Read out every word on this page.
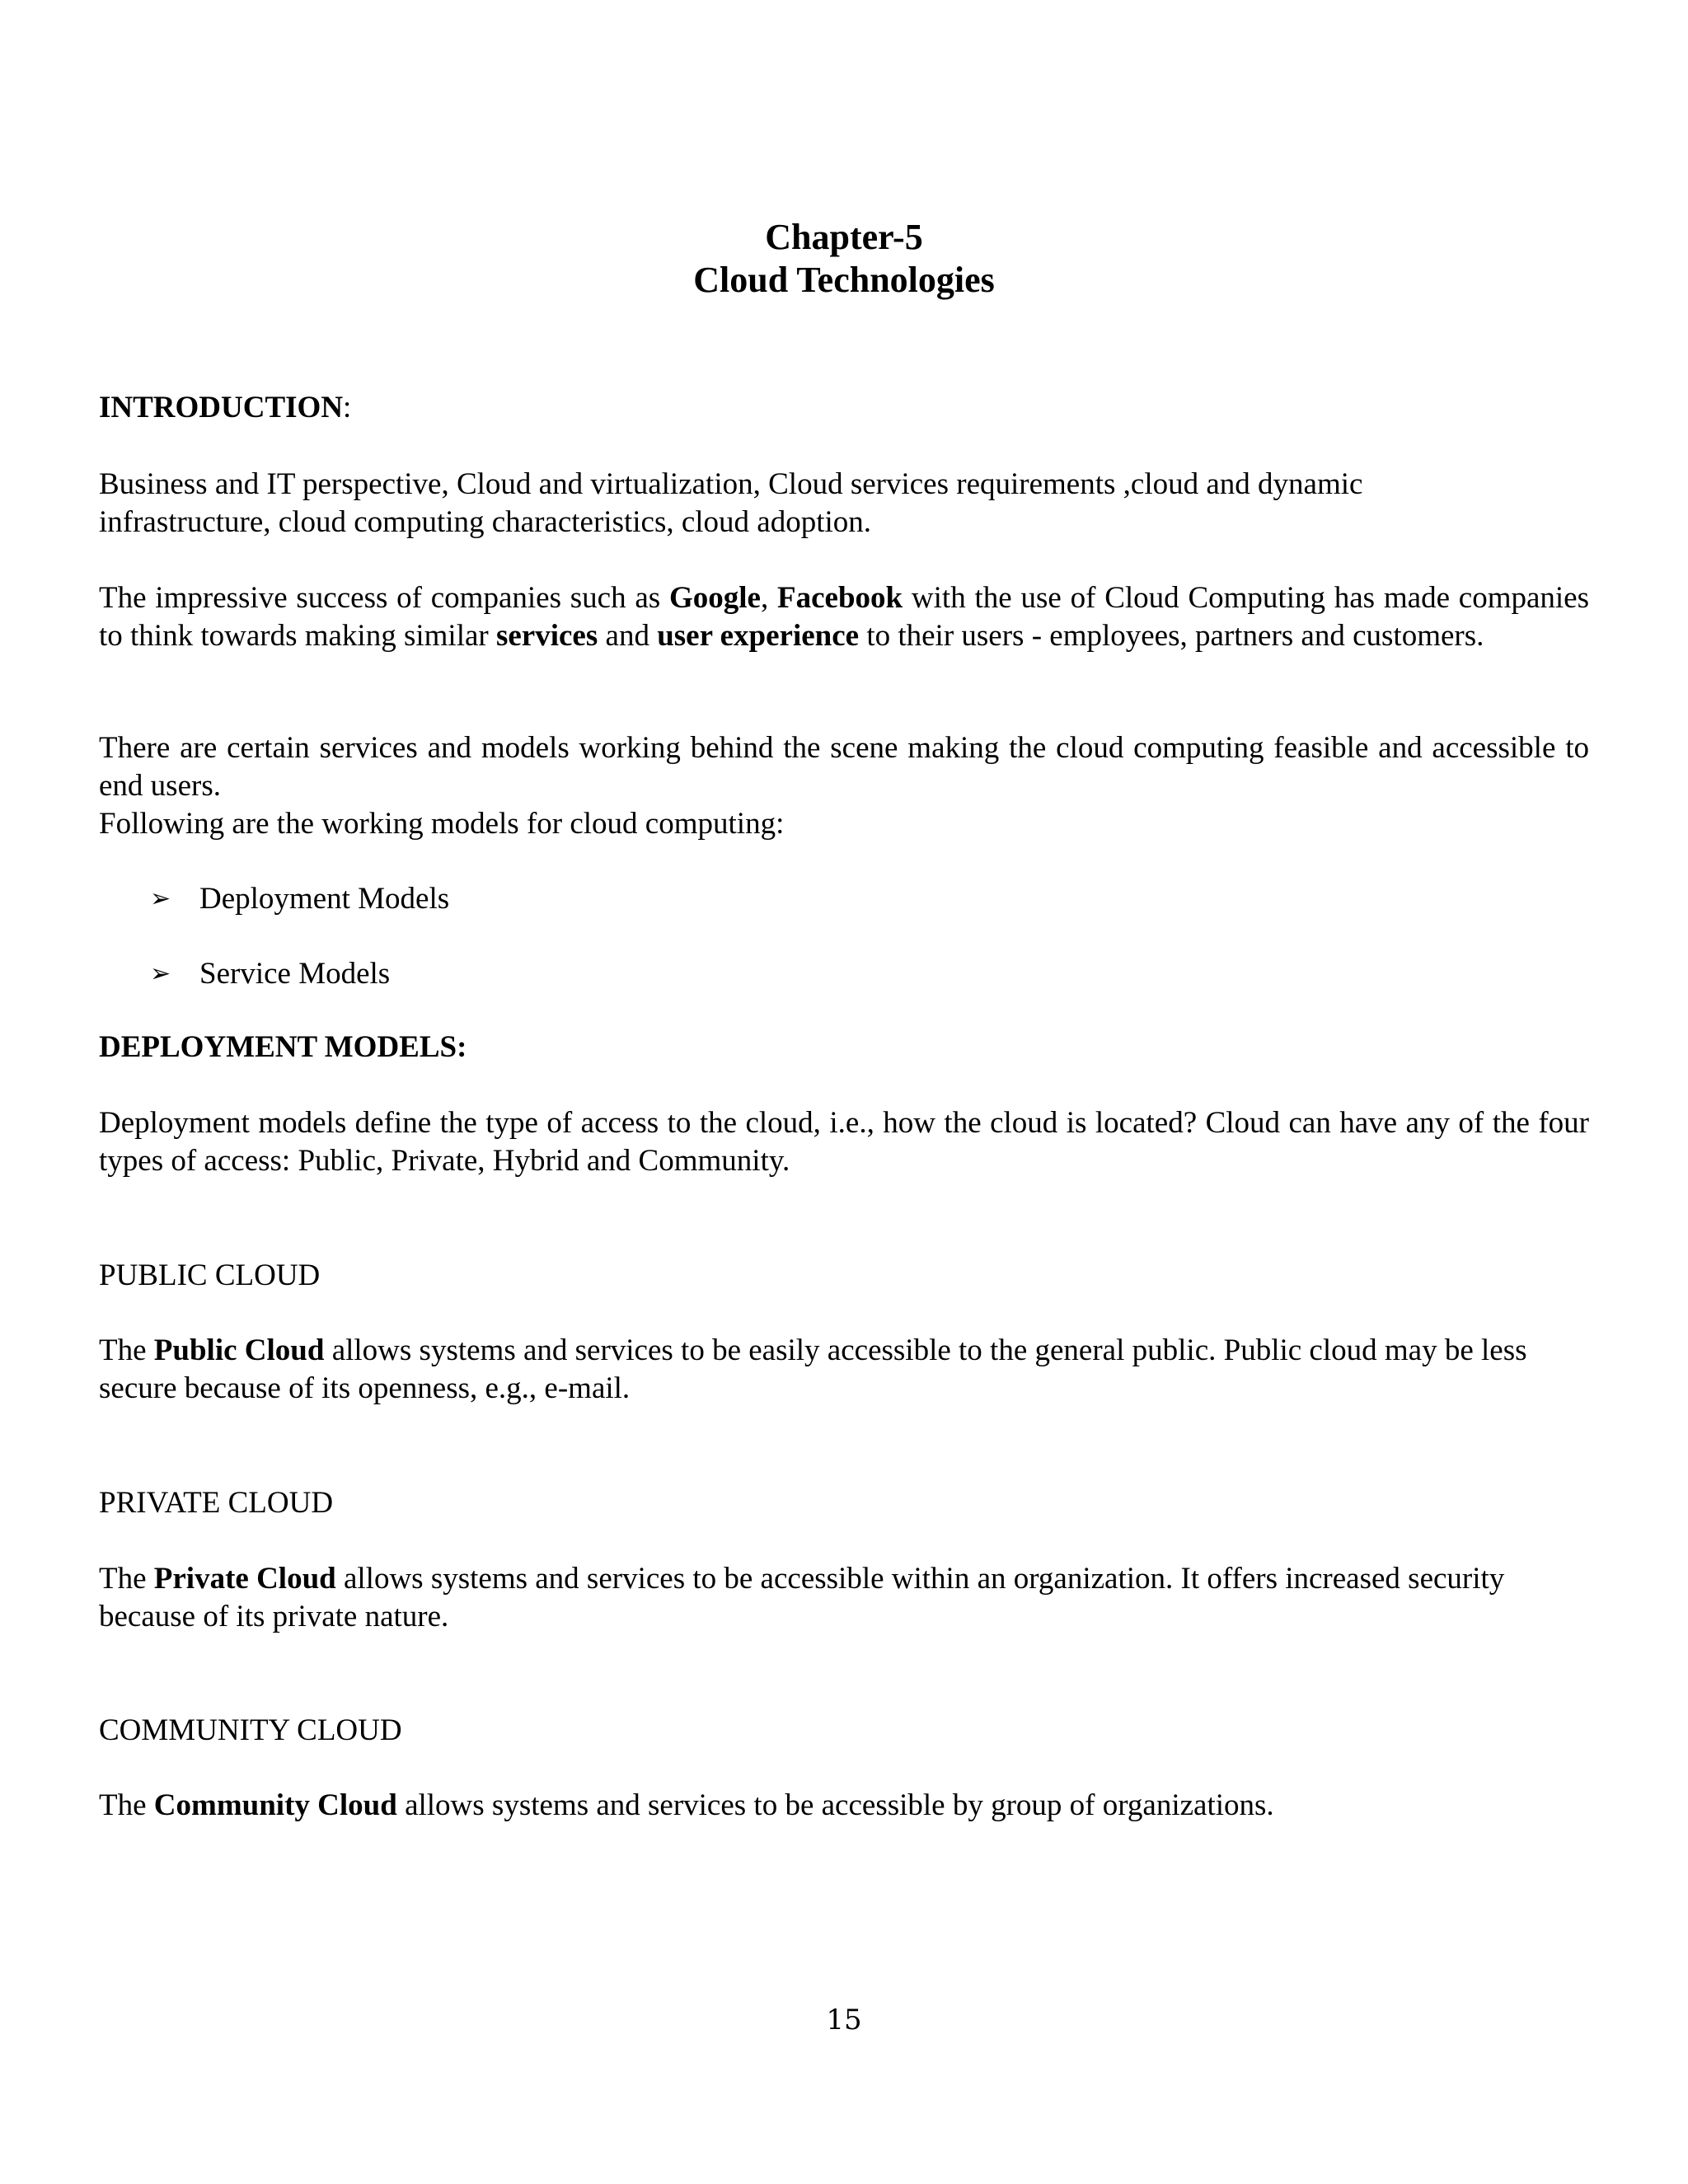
Chapter-5
Cloud Technologies
INTRODUCTION:
Business and IT perspective, Cloud and virtualization, Cloud services requirements ,cloud and dynamic infrastructure, cloud computing characteristics, cloud adoption.
The impressive success of companies such as Google, Facebook with the use of Cloud Computing has made companies to think towards making similar services and user experience to their users - employees, partners and customers.
There are certain services and models working behind the scene making the cloud computing feasible and accessible to end users.
Following are the working models for cloud computing:
➢ Deployment Models
➢ Service Models
DEPLOYMENT MODELS:
Deployment models define the type of access to the cloud, i.e., how the cloud is located? Cloud can have any of the four types of access: Public, Private, Hybrid and Community.
PUBLIC CLOUD
The Public Cloud allows systems and services to be easily accessible to the general public. Public cloud may be less secure because of its openness, e.g., e-mail.
PRIVATE CLOUD
The Private Cloud allows systems and services to be accessible within an organization. It offers increased security because of its private nature.
COMMUNITY CLOUD
The Community Cloud allows systems and services to be accessible by group of organizations.
15
